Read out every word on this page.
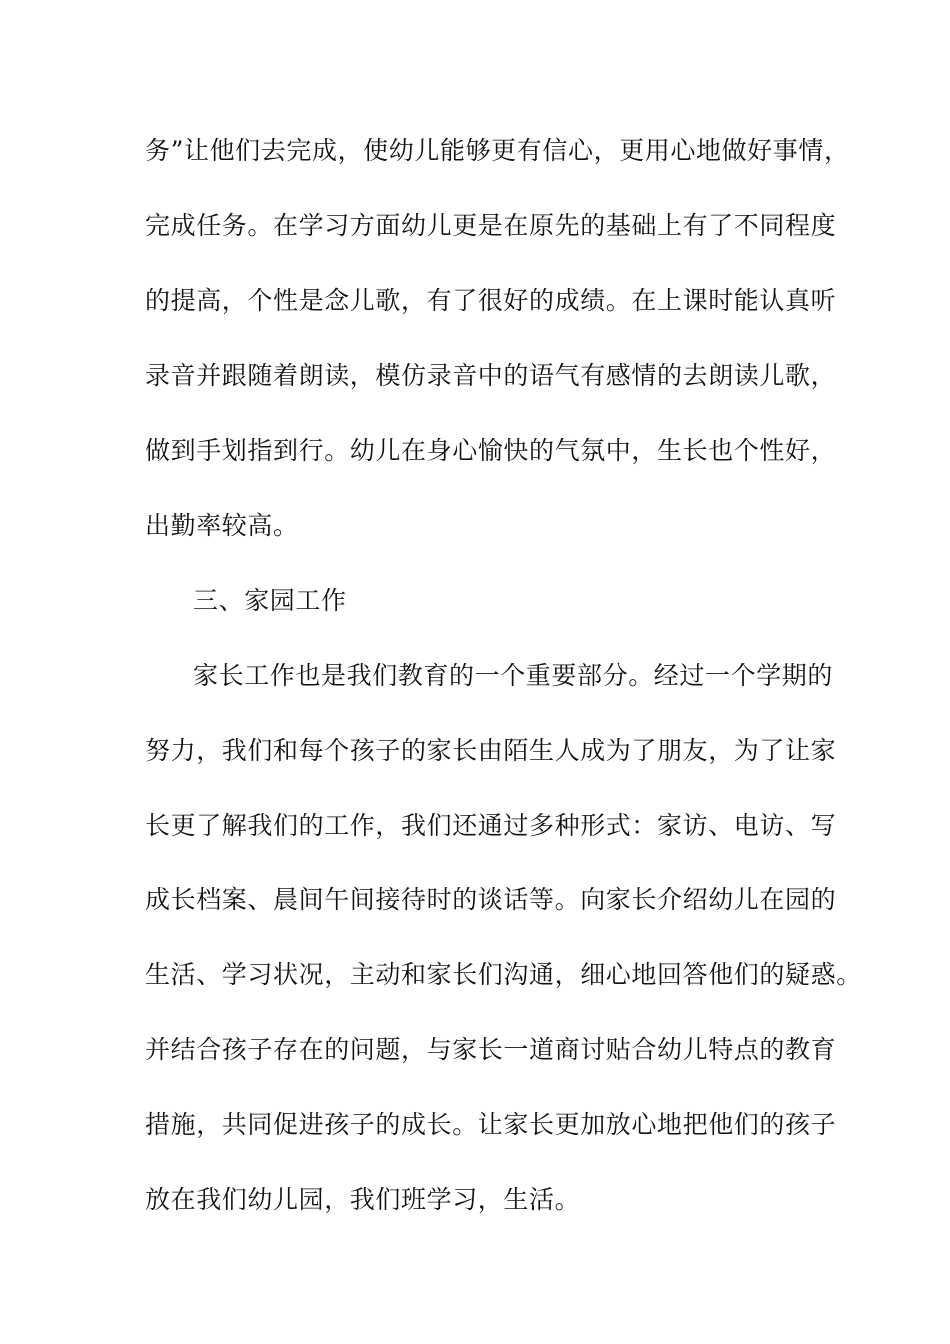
务”让他们去完成，使幼儿能够更有信心，更用心地做好事情，
完成任务。在学习方面幼儿更是在原先的基础上有了不同程度
的提高，个性是念儿歌，有了很好的成绩。在上课时能认真听
录音并跟随着朗读，模仿录音中的语气有感情的去朗读儿歌，
做到手划指到行。幼儿在身心愉快的气氛中，生长也个性好，
出勤率较高。
三、家园工作
家长工作也是我们教育的一个重要部分。经过一个学期的
努力，我们和每个孩子的家长由陌生人成为了朋友，为了让家
长更了解我们的工作，我们还通过多种形式：家访、电访、写
成长档案、晨间午间接待时的谈话等。向家长介绍幼儿在园的
生活、学习状况，主动和家长们沟通，细心地回答他们的疑惑。
并结合孩子存在的问题，与家长一道商讨贴合幼儿特点的教育
措施，共同促进孩子的成长。让家长更加放心地把他们的孩子
放在我们幼儿园，我们班学习，生活。
